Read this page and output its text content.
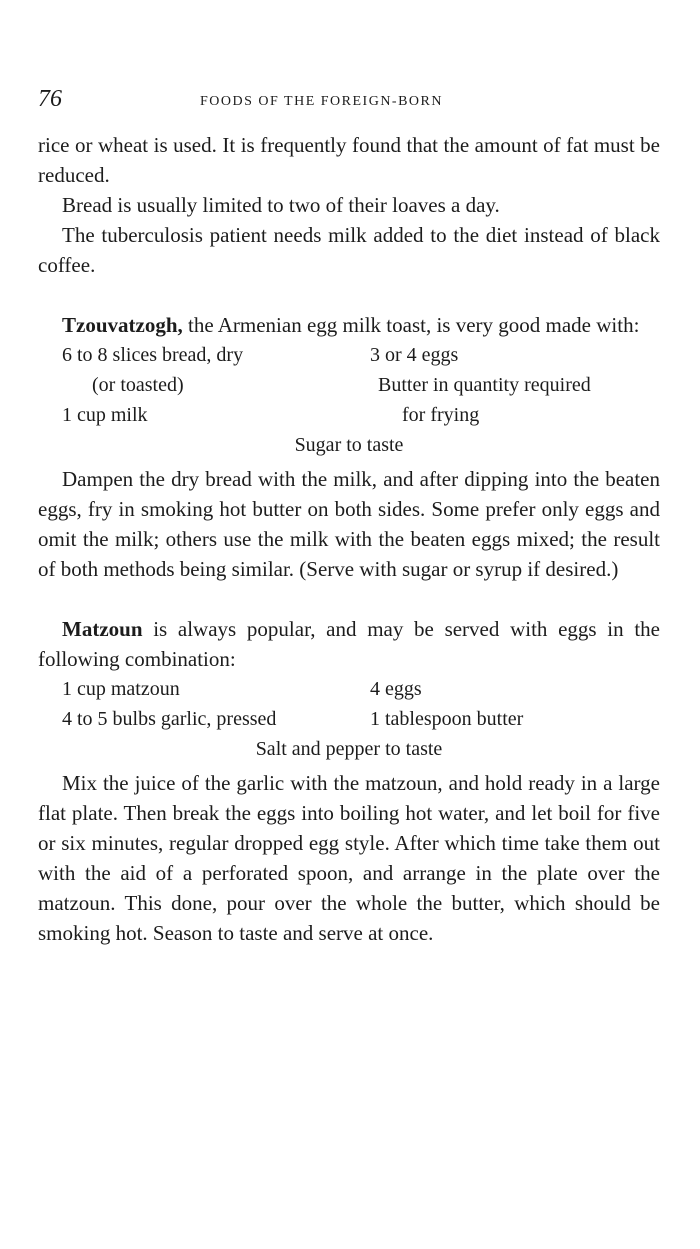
76	FOODS OF THE FOREIGN-BORN

rice or wheat is used. It is frequently found that the amount of fat must be reduced.

Bread is usually limited to two of their loaves a day.

The tuberculosis patient needs milk added to the diet instead of black coffee.

Tzouvatzogh, the Armenian egg milk toast, is very good made with:

6 to 8 slices bread, dry	3 or 4 eggs
(or toasted)	Butter in quantity required
1 cup milk	for frying
Sugar to taste

Dampen the dry bread with the milk, and after dipping into the beaten eggs, fry in smoking hot butter on both sides. Some prefer only eggs and omit the milk; others use the milk with the beaten eggs mixed; the result of both methods being similar. (Serve with sugar or syrup if desired.)

Matzoun is always popular, and may be served with eggs in the following combination:

1 cup matzoun	4 eggs
4 to 5 bulbs garlic, pressed	1 tablespoon butter
Salt and pepper to taste

Mix the juice of the garlic with the matzoun, and hold ready in a large flat plate. Then break the eggs into boiling hot water, and let boil for five or six minutes, regular dropped egg style. After which time take them out with the aid of a perforated spoon, and arrange in the plate over the matzoun. This done, pour over the whole the butter, which should be smoking hot. Season to taste and serve at once.
